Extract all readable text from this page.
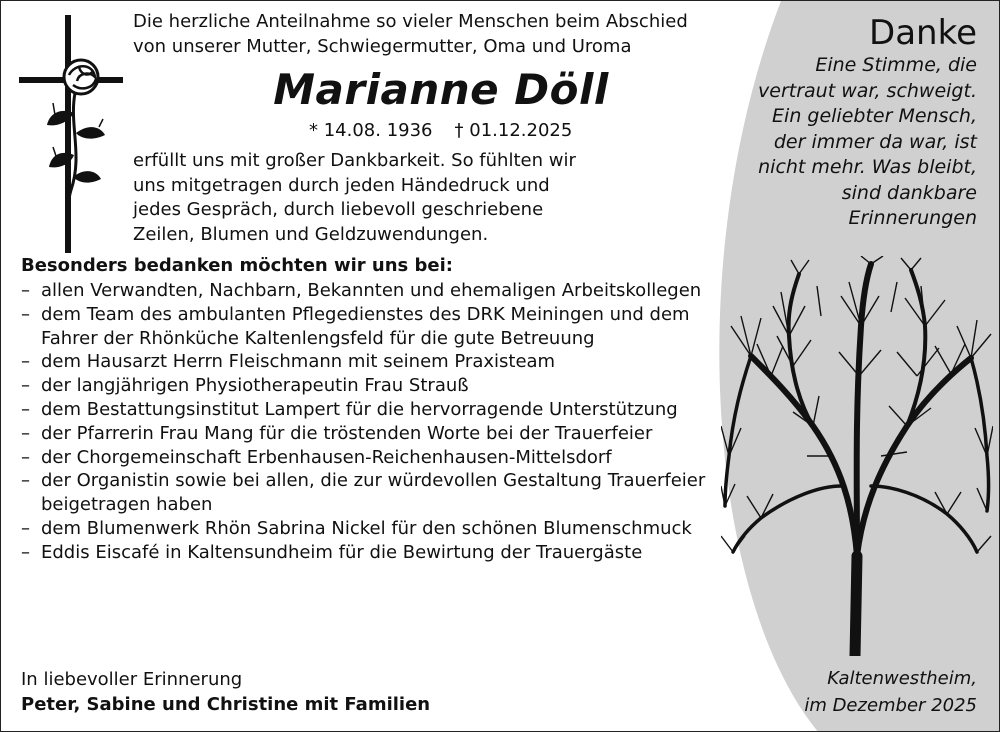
Die herzliche Anteilnahme so vieler Menschen beim Abschied
von unserer Mutter, Schwiegermutter, Oma und Uroma
Marianne Döll
* 14.08. 1936 † 01.12.2025
erfüllt uns mit großer Dankbarkeit. So fühlten wir
uns mitgetragen durch jeden Händedruck und
jedes Gespräch, durch liebevoll geschriebene
Zeilen, Blumen und Geldzuwendungen.
Besonders bedanken möchten wir uns bei:
– allen Verwandten, Nachbarn, Bekannten und ehemaligen Arbeitskollegen
– dem Team des ambulanten Pflegedienstes des DRK Meiningen und dem Fahrer der Rhönküche Kaltenlengsfeld für die gute Betreuung
– dem Hausarzt Herrn Fleischmann mit seinem Praxisteam
– der langjährigen Physiotherapeutin Frau Strauß
– dem Bestattungsinstitut Lampert für die hervorragende Unterstützung
– der Pfarrerin Frau Mang für die tröstenden Worte bei der Trauerfeier
– der Chorgemeinschaft Erbenhausen-Reichenhausen-Mittelsdorf
– der Organistin sowie bei allen, die zur würdevollen Gestaltung Trauerfeier beigetragen haben
– dem Blumenwerk Rhön Sabrina Nickel für den schönen Blumenschmuck
– Eddis Eiscafé in Kaltensundheim für die Bewirtung der Trauergäste
In liebevoller Erinnerung
Peter, Sabine und Christine mit Familien
Danke
Eine Stimme, die
vertraut war, schweigt.
Ein geliebter Mensch,
der immer da war, ist
nicht mehr. Was bleibt,
sind dankbare
Erinnerungen
Kaltenwestheim,
im Dezember 2025
